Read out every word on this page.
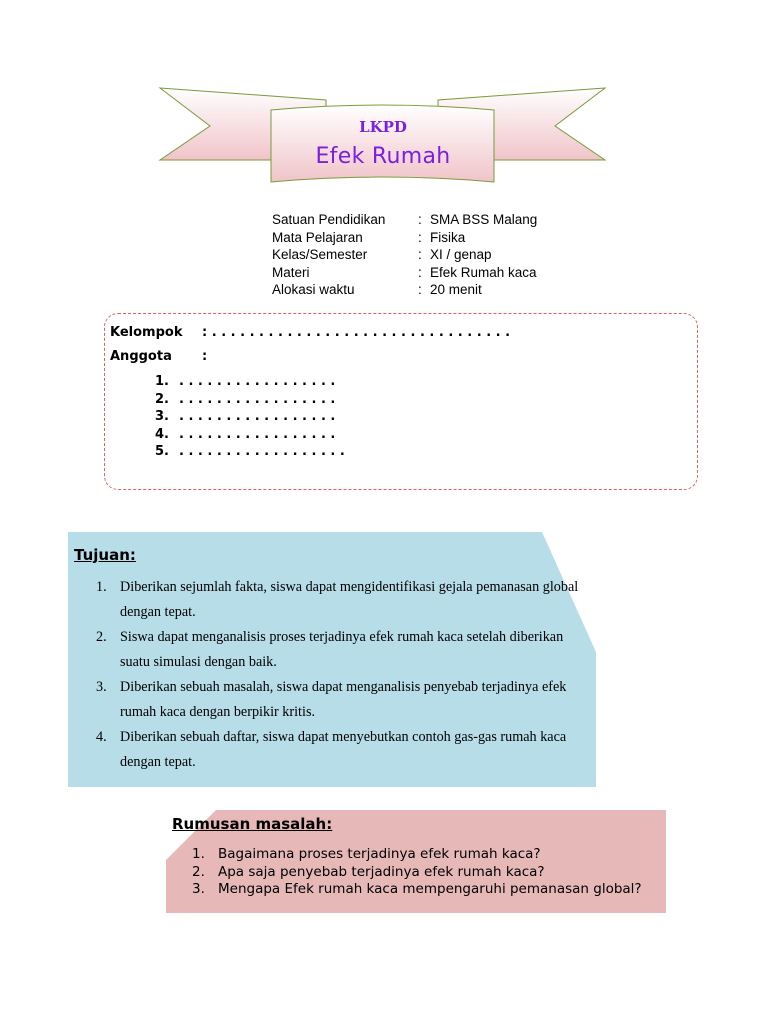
LKPD
Efek Rumah
Satuan Pendidikan : SMA BSS Malang
Mata Pelajaran	: Fisika
Kelas/Semester	: XI / genap
Materi	: Efek Rumah kaca
Alokasi waktu	: 20 menit
Kelompok : . . . . . . . . . . . . . . . . . . . . . . . . . . . . . . . .
Anggota :
1. . . . . . . . . . . . . . . . . .
2. . . . . . . . . . . . . . . . . .
3. . . . . . . . . . . . . . . . . .
4. . . . . . . . . . . . . . . . . .
5. . . . . . . . . . . . . . . . . . .
Tujuan:
1. Diberikan sejumlah fakta, siswa dapat mengidentifikasi gejala pemanasan global dengan tepat.
2. Siswa dapat menganalisis proses terjadinya efek rumah kaca setelah diberikan suatu simulasi dengan baik.
3. Diberikan sebuah masalah, siswa dapat menganalisis penyebab terjadinya efek rumah kaca dengan berpikir kritis.
4. Diberikan sebuah daftar, siswa dapat menyebutkan contoh gas-gas rumah kaca dengan tepat.
Rumusan masalah:
1. Bagaimana proses terjadinya efek rumah kaca?
2. Apa saja penyebab terjadinya efek rumah kaca?
3. Mengapa Efek rumah kaca mempengaruhi pemanasan global?
